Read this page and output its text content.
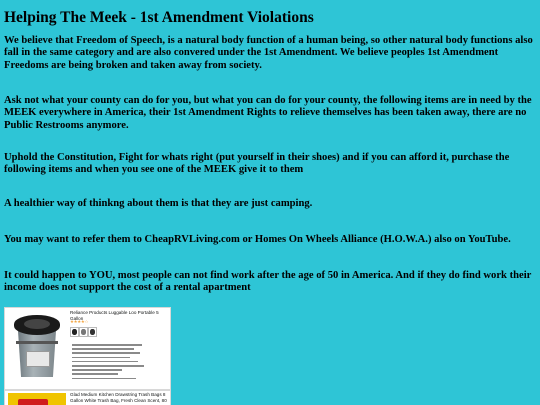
Helping The Meek - 1st Amendment Violations

We believe that Freedom of Speech, is a natural body function of a human being, so other natural body functions also fall in the same category and are also convered under the 1st Amendment. We believe peoples 1st Amendment Freedoms are being broken and taken away from society.

Ask not what your county can do for you, but what you can do for your county, the following items are in need by the MEEK everywhere in America, their 1st Amendment Rights to relieve themselves has been taken away, there are no Public Restrooms anymore.

Uphold the Constitution, Fight for whats right (put yourself in their shoes) and if you can afford it, purchase the following items and when you see one of the MEEK give it to them

A healthier way of thinkng about them is that they are just camping.

You may want to refer them to CheapRVLiving.com or Homes On Wheels Alliance (H.O.W.A.) also on YouTube.

It could happen to YOU, most people can not find work after the age of 50 in America. And if they do find work their income does not support the cost of a rental apartment

Reliance Products Luggable Loo Portable 5 Gallon
★★★★☆
Glad Medium Kitchen Drawstring Trash Bags 8 Gallon White Trash Bag, Fresh Clean Scent, 80
